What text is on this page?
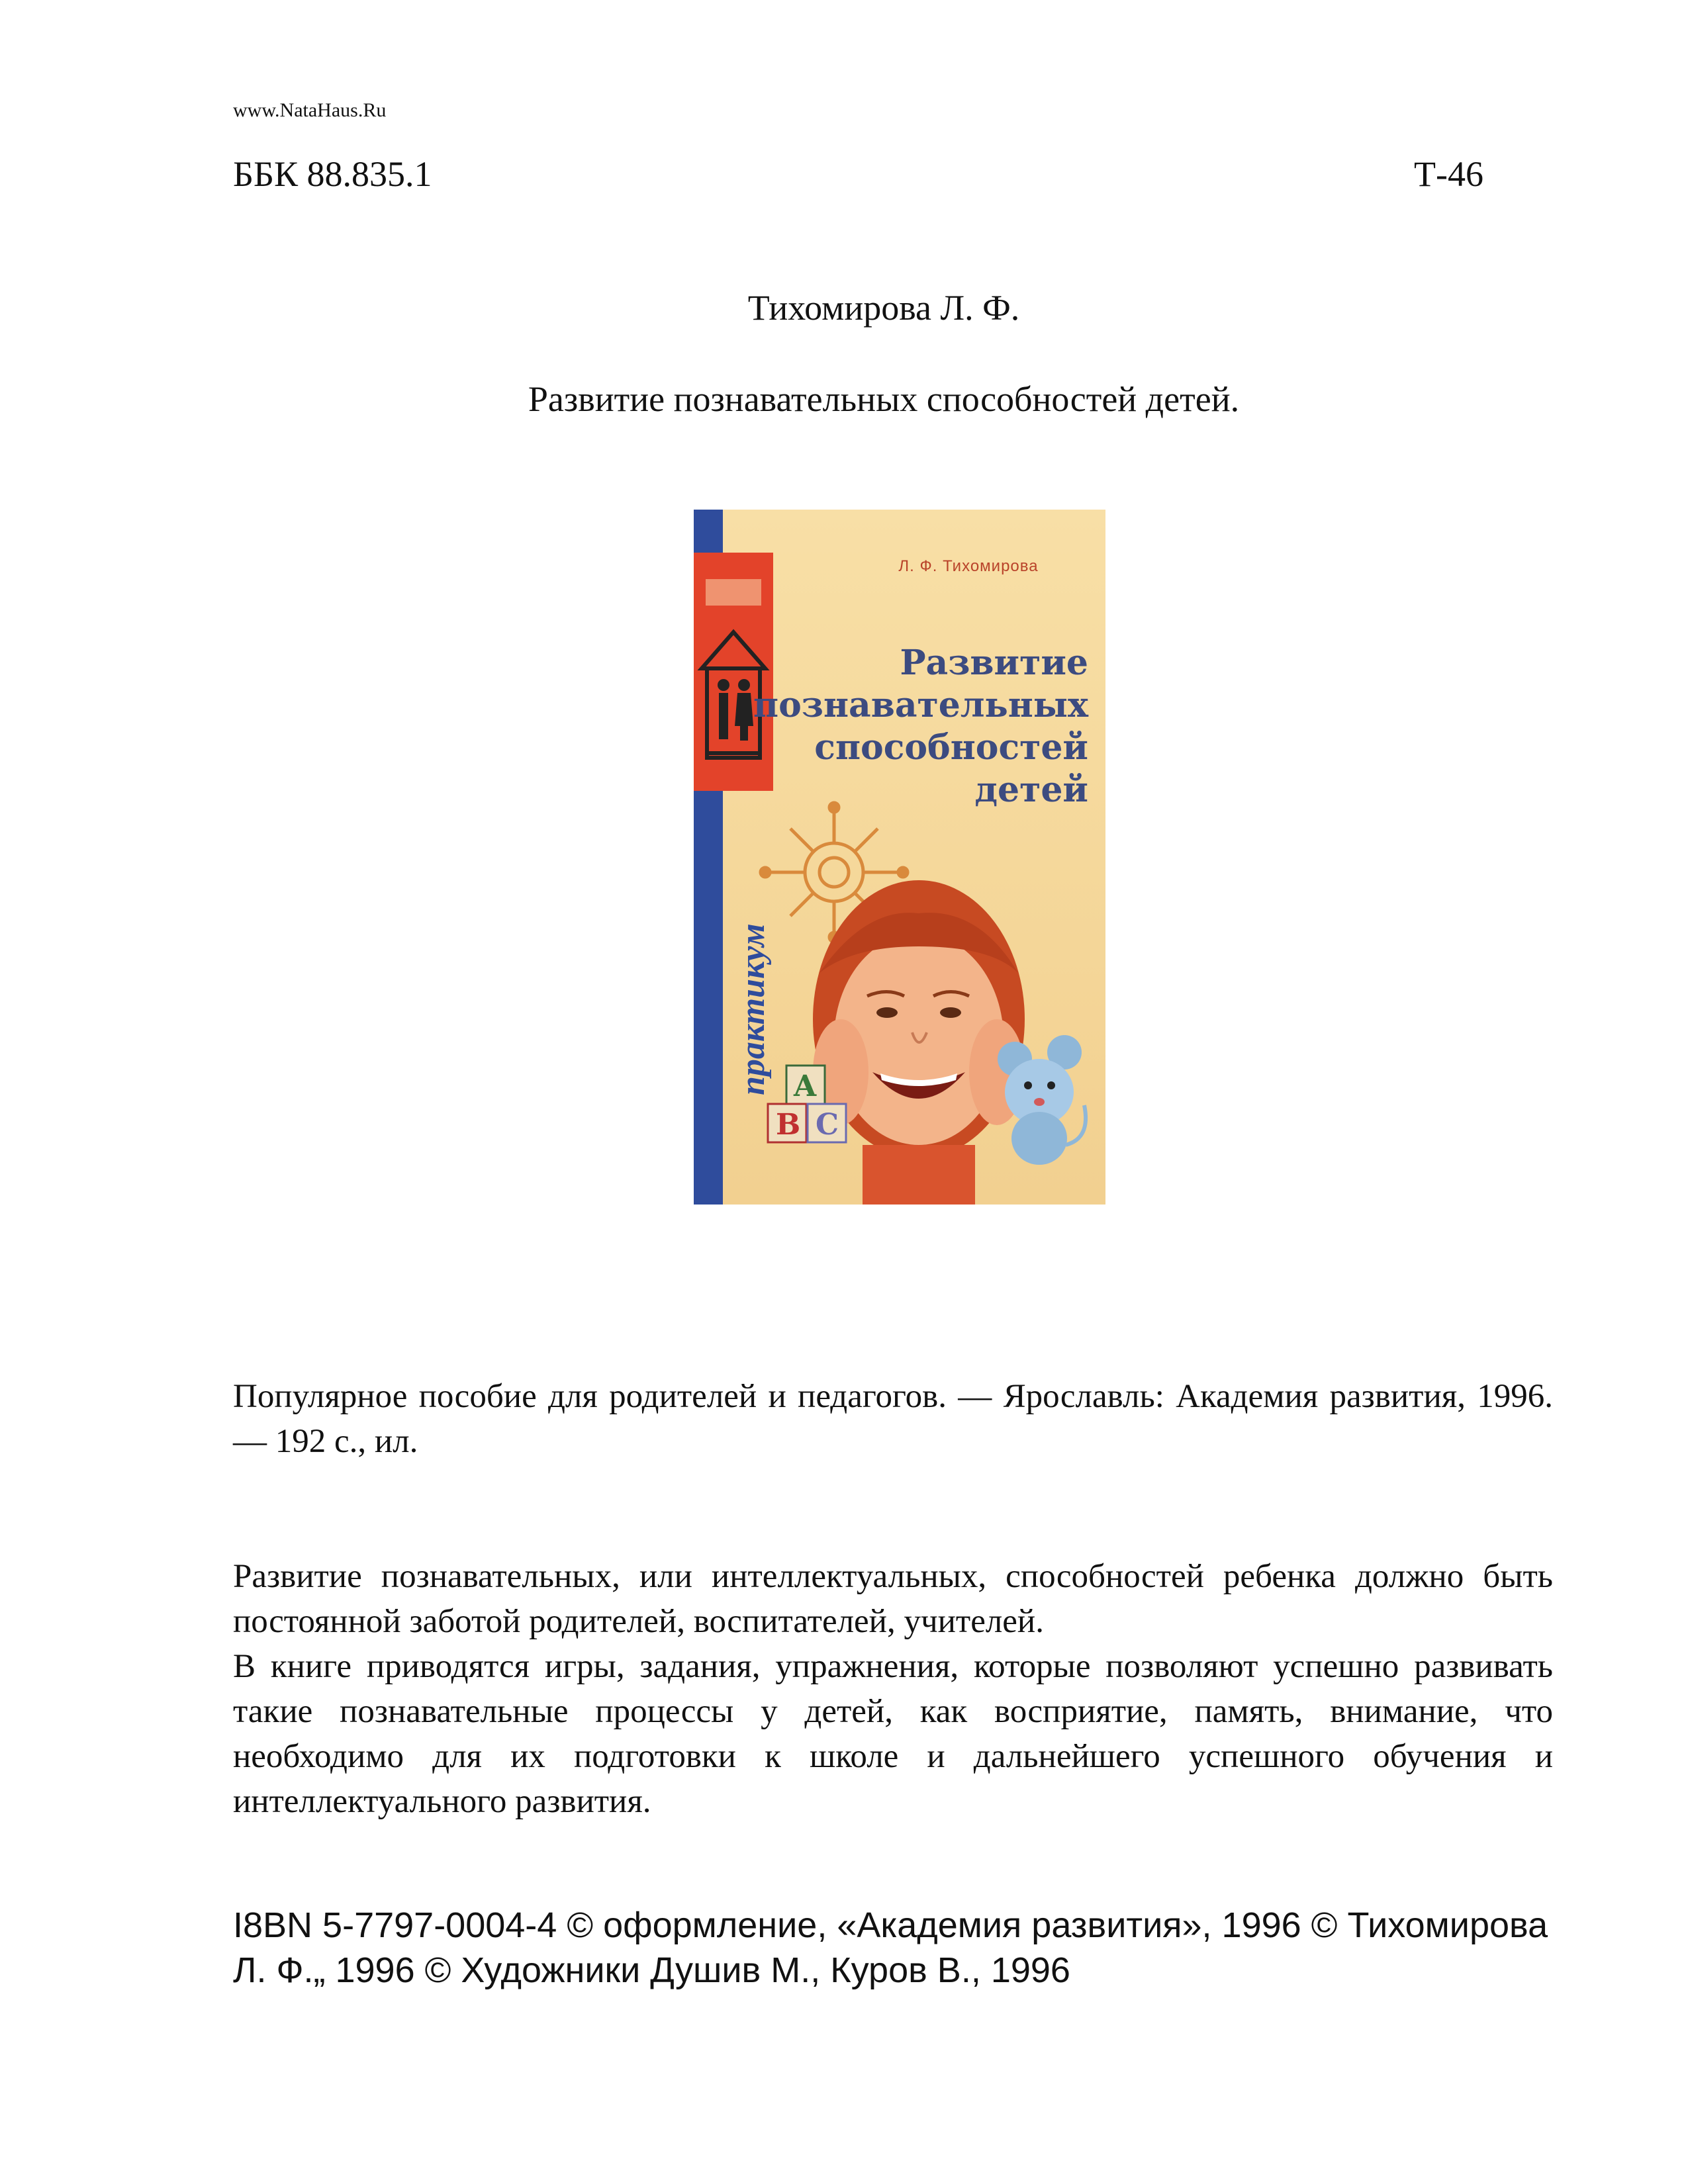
www.NataHaus.Ru
ББК 88.835.1	Т-46
Тихомирова Л. Ф.
Развитие познавательных способностей детей.
Л. Ф. Тихомирова
Развитие
познавательных
способностей
детей
практикум A
B C
Популярное пособие для родителей и педагогов. — Ярославль: Академия развития, 1996. — 192 с., ил.

Развитие познавательных, или интеллектуальных, способностей ребенка должно быть постоянной заботой родителей, воспитателей, учителей.

В книге приводятся игры, задания, упражнения, которые позволяют успешно развивать такие познавательные процессы у детей, как восприятие, память, внимание, что необходимо для их подготовки к школе и дальнейшего успешного обучения и интеллектуального развития.

I8BN 5-7797-0004-4 © оформление, «Академия развития», 1996 © Тихомирова Л. Ф.„ 1996 © Художники Душив М., Куров В., 1996
